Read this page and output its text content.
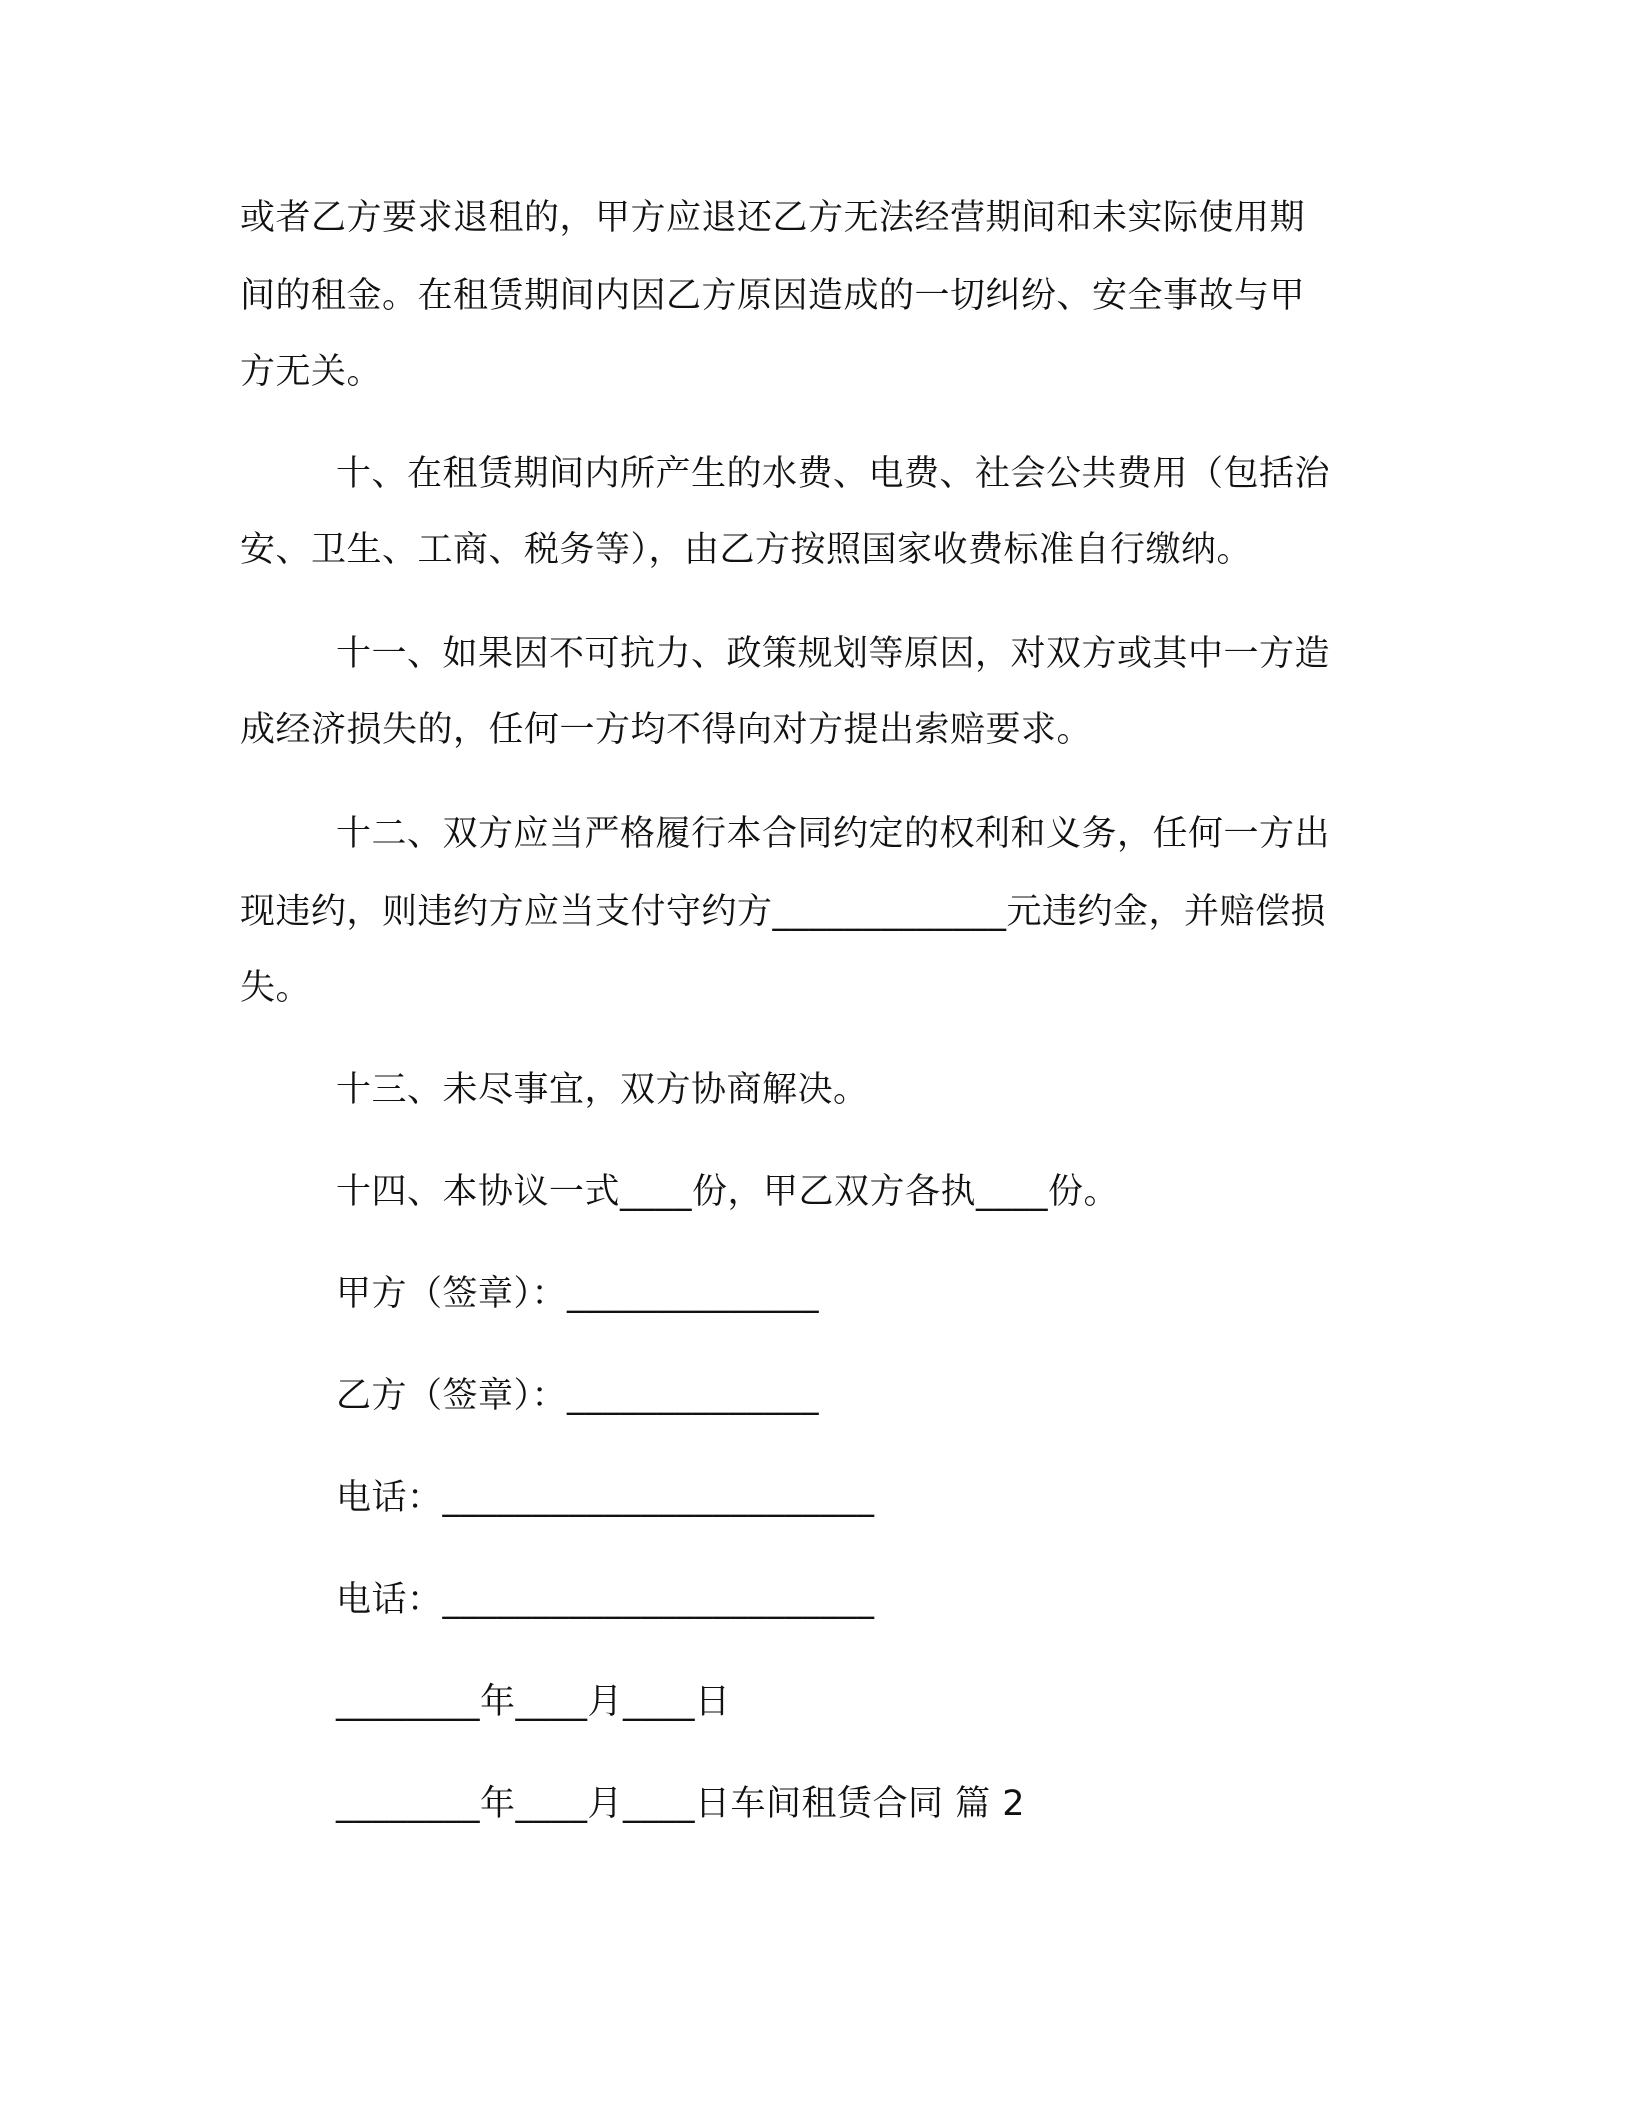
或者乙方要求退租的，甲方应退还乙方无法经营期间和未实际使用期
间的租金。在租赁期间内因乙方原因造成的一切纠纷、安全事故与甲
方无关。
十、在租赁期间内所产生的水费、电费、社会公共费用（包括治
安、卫生、工商、税务等），由乙方按照国家收费标准自行缴纳。
十一、如果因不可抗力、政策规划等原因，对双方或其中一方造
成经济损失的，任何一方均不得向对方提出索赔要求。
十二、双方应当严格履行本合同约定的权利和义务，任何一方出
现违约，则违约方应当支付守约方_____________元违约金，并赔偿损
失。
十三、未尽事宜，双方协商解决。
十四、本协议一式____份，甲乙双方各执____份。
甲方（签章）：______________
乙方（签章）：______________
电话：________________________
电话：________________________
________年____月____日
________年____月____日车间租赁合同 篇 2
